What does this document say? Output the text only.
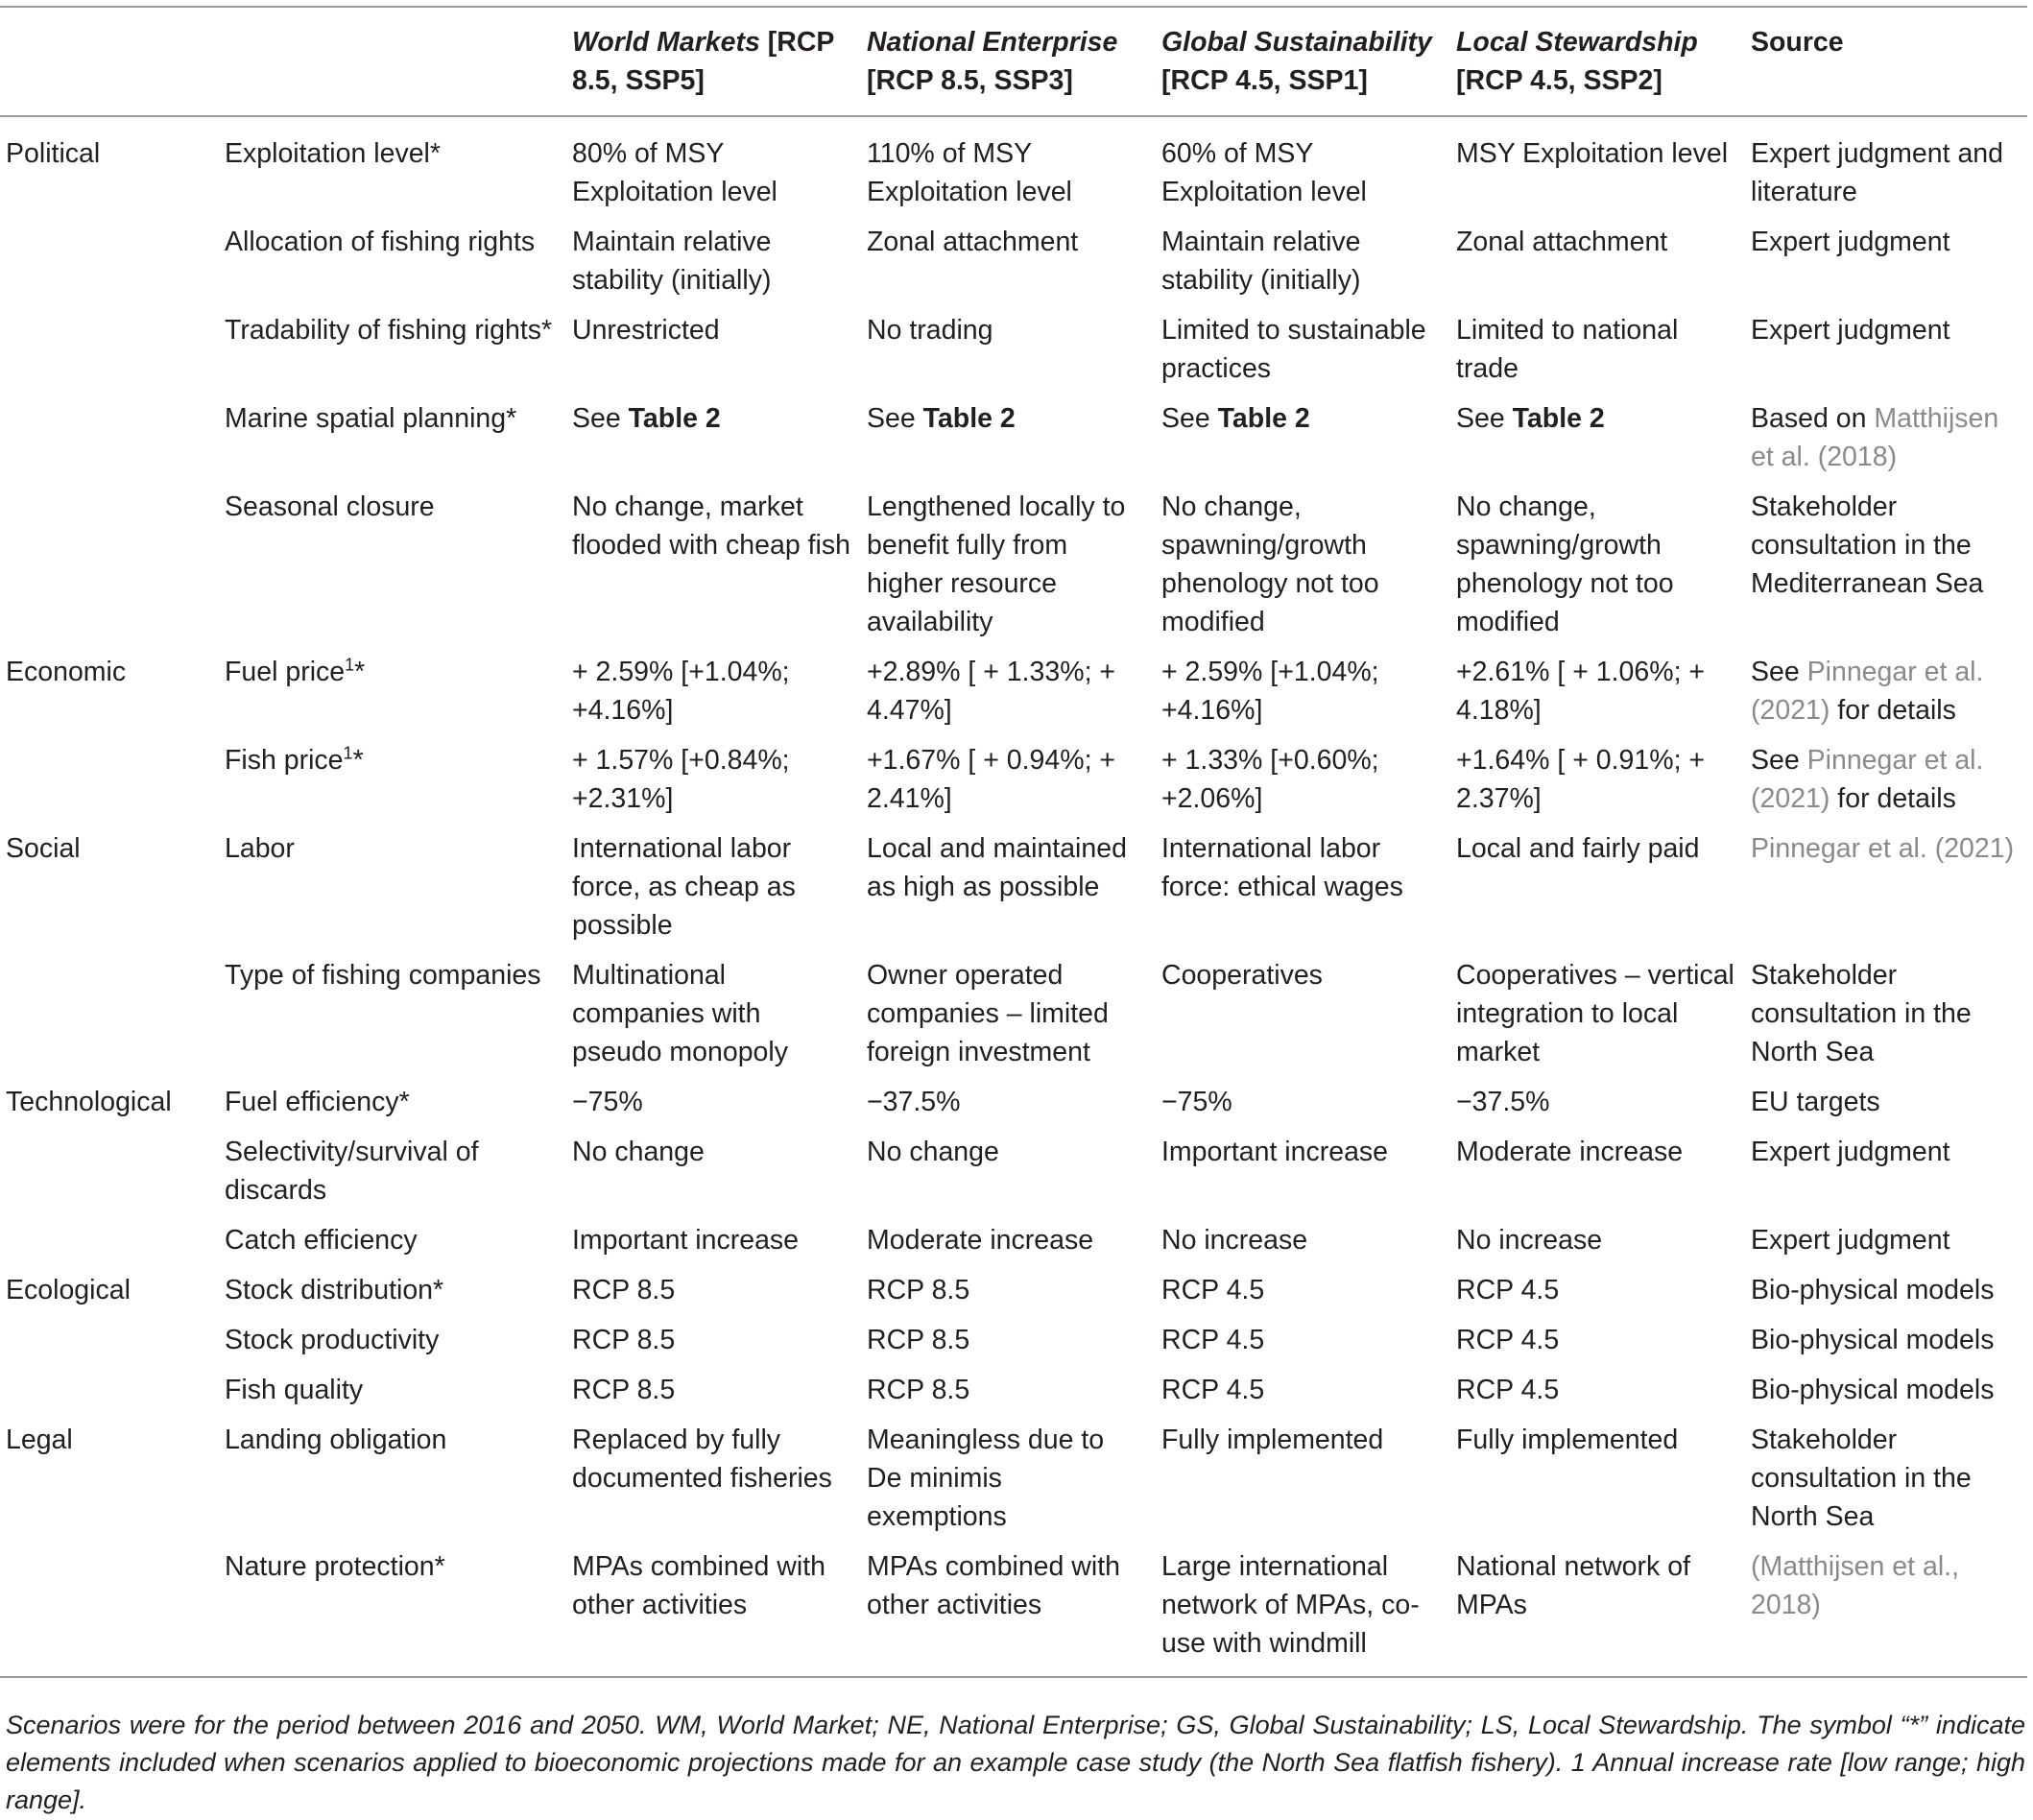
		World Markets [RCP 8.5, SSP5]	National Enterprise [RCP 8.5, SSP3]	Global Sustainability [RCP 4.5, SSP1]	Local Stewardship [RCP 4.5, SSP2]	Source
Political	Exploitation level*	80% of MSY Exploitation level	110% of MSY Exploitation level	60% of MSY Exploitation level	MSY Exploitation level	Expert judgment and literature
	Allocation of fishing rights	Maintain relative stability (initially)	Zonal attachment	Maintain relative stability (initially)	Zonal attachment	Expert judgment
	Tradability of fishing rights*	Unrestricted	No trading	Limited to sustainable practices	Limited to national trade	Expert judgment
	Marine spatial planning*	See Table 2	See Table 2	See Table 2	See Table 2	Based on Matthijsen et al. (2018)
	Seasonal closure	No change, market flooded with cheap fish	Lengthened locally to benefit fully from higher resource availability	No change, spawning/growth phenology not too modified	No change, spawning/growth phenology not too modified	Stakeholder consultation in the Mediterranean Sea
Economic	Fuel price$^1$*	+ 2.59% [+1.04%; +4.16%]	+2.89% [ + 1.33%; + 4.47%]	+ 2.59% [+1.04%; +4.16%]	+2.61% [ + 1.06%; + 4.18%]	See Pinnegar et al. (2021) for details
	Fish price$^1$*	+ 1.57% [+0.84%; +2.31%]	+1.67% [ + 0.94%; + 2.41%]	+ 1.33% [+0.60%; +2.06%]	+1.64% [ + 0.91%; + 2.37%]	See Pinnegar et al. (2021) for details
Social	Labor	International labor force, as cheap as possible	Local and maintained as high as possible	International labor force: ethical wages	Local and fairly paid	Pinnegar et al. (2021)
	Type of fishing companies	Multinational companies with pseudo monopoly	Owner operated companies – limited foreign investment	Cooperatives	Cooperatives – vertical integration to local market	Stakeholder consultation in the North Sea
Technological	Fuel efficiency*	−75%	−37.5%	−75%	−37.5%	EU targets
	Selectivity/survival of discards	No change	No change	Important increase	Moderate increase	Expert judgment
	Catch efficiency	Important increase	Moderate increase	No increase	No increase	Expert judgment
Ecological	Stock distribution*	RCP 8.5	RCP 8.5	RCP 4.5	RCP 4.5	Bio-physical models
	Stock productivity	RCP 8.5	RCP 8.5	RCP 4.5	RCP 4.5	Bio-physical models
	Fish quality	RCP 8.5	RCP 8.5	RCP 4.5	RCP 4.5	Bio-physical models
Legal	Landing obligation	Replaced by fully documented fisheries	Meaningless due to De minimis exemptions	Fully implemented	Fully implemented	Stakeholder consultation in the North Sea
	Nature protection*	MPAs combined with other activities	MPAs combined with other activities	Large international network of MPAs, co-use with windmill	National network of MPAs	(Matthijsen et al., 2018)
Scenarios were for the period between 2016 and 2050. WM, World Market; NE, National Enterprise; GS, Global Sustainability; LS, Local Stewardship. The symbol “*” indicate elements included when scenarios applied to bioeconomic projections made for an example case study (the North Sea flatfish fishery). 1 Annual increase rate [low range; high range].
